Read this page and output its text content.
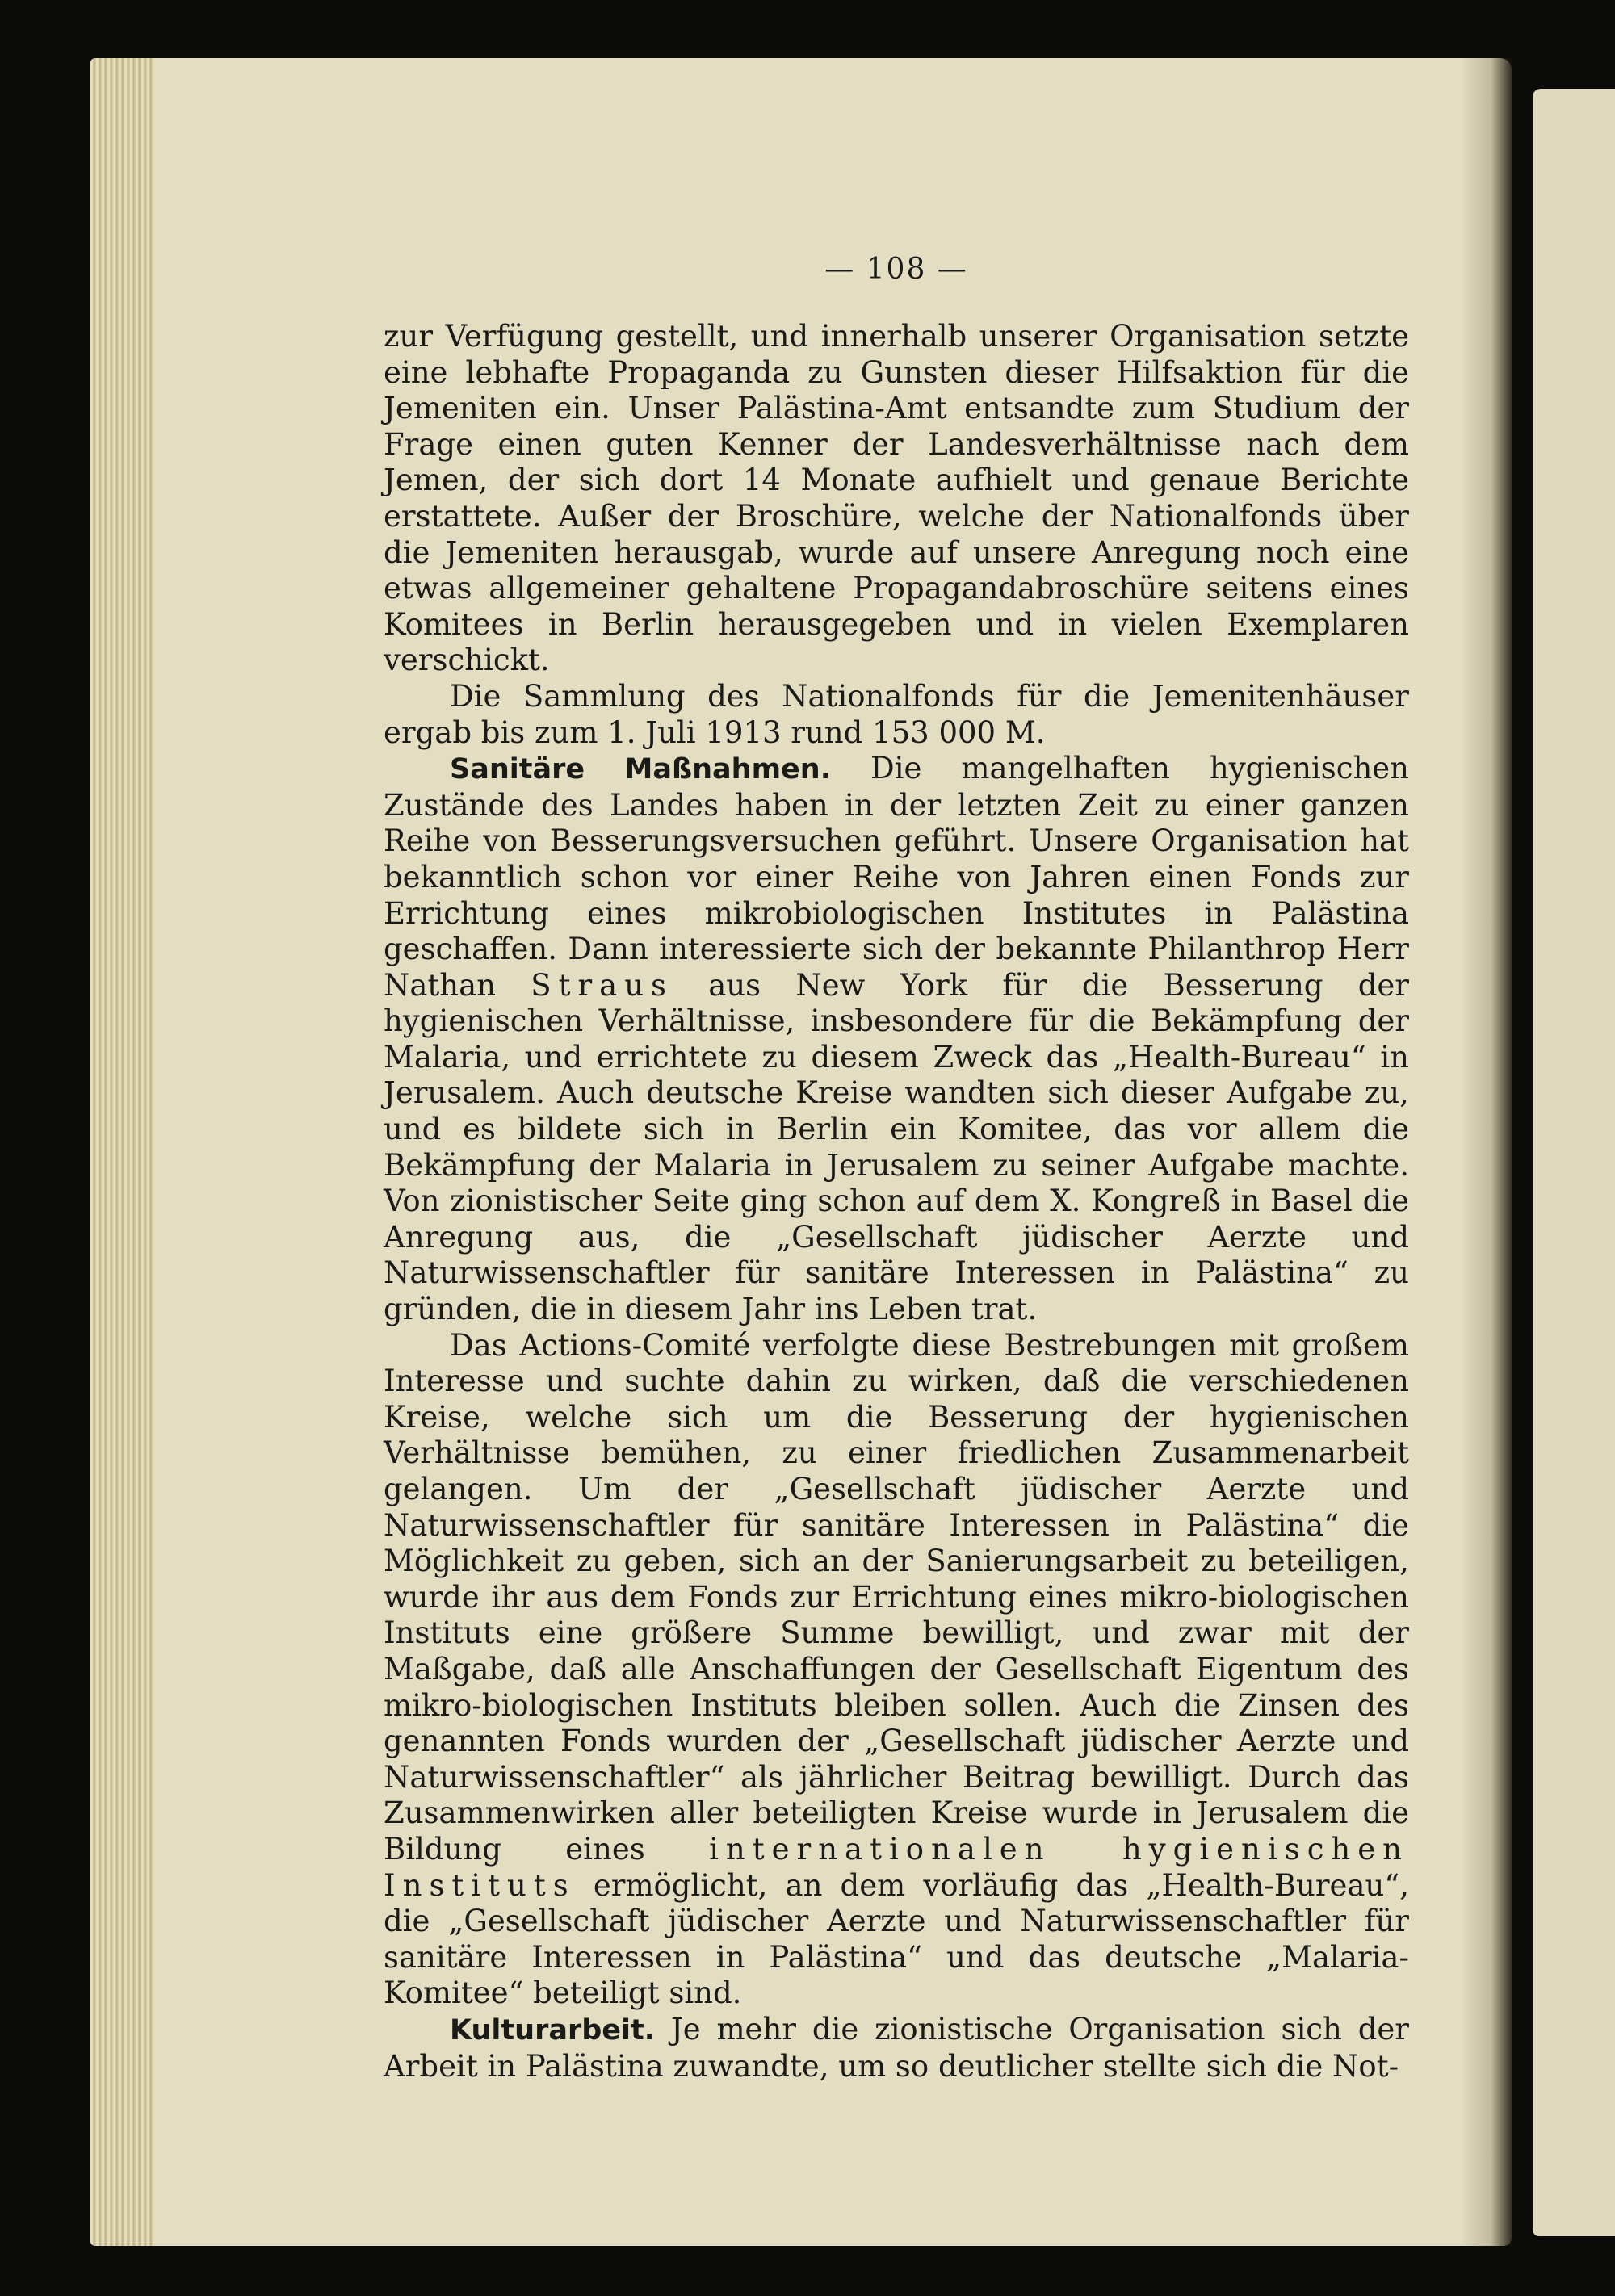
— 108 —

zur Verfügung gestellt, und innerhalb unserer Organisation setzte eine lebhafte Propaganda zu Gunsten dieser Hilfsaktion für die Jemeniten ein. Unser Palästina-Amt entsandte zum Studium der Frage einen guten Kenner der Landesverhältnisse nach dem Jemen, der sich dort 14 Monate aufhielt und genaue Berichte erstattete. Außer der Broschüre, welche der Nationalfonds über die Jemeniten herausgab, wurde auf unsere Anregung noch eine etwas allgemeiner gehaltene Propagandabroschüre seitens eines Komitees in Berlin herausgegeben und in vielen Exemplaren verschickt.

Die Sammlung des Nationalfonds für die Jemenitenhäuser ergab bis zum 1. Juli 1913 rund 153 000 M.

Sanitäre Maßnahmen. Die mangelhaften hygienischen Zustände des Landes haben in der letzten Zeit zu einer ganzen Reihe von Besserungsversuchen geführt. Unsere Organisation hat bekanntlich schon vor einer Reihe von Jahren einen Fonds zur Errichtung eines mikrobiologischen Institutes in Palästina geschaffen. Dann interessierte sich der bekannte Philanthrop Herr Nathan Straus aus New York für die Besserung der hygienischen Verhältnisse, insbesondere für die Bekämpfung der Malaria, und errichtete zu diesem Zweck das „Health-Bureau“ in Jerusalem. Auch deutsche Kreise wandten sich dieser Aufgabe zu, und es bildete sich in Berlin ein Komitee, das vor allem die Bekämpfung der Malaria in Jerusalem zu seiner Aufgabe machte. Von zionistischer Seite ging schon auf dem X. Kongreß in Basel die Anregung aus, die „Gesellschaft jüdischer Aerzte und Naturwissenschaftler für sanitäre Interessen in Palästina“ zu gründen, die in diesem Jahr ins Leben trat.

Das Actions-Comité verfolgte diese Bestrebungen mit großem Interesse und suchte dahin zu wirken, daß die verschiedenen Kreise, welche sich um die Besserung der hygienischen Verhältnisse bemühen, zu einer friedlichen Zusammenarbeit gelangen. Um der „Gesellschaft jüdischer Aerzte und Naturwissenschaftler für sanitäre Interessen in Palästina“ die Möglichkeit zu geben, sich an der Sanierungsarbeit zu beteiligen, wurde ihr aus dem Fonds zur Errichtung eines mikro-biologischen Instituts eine größere Summe bewilligt, und zwar mit der Maßgabe, daß alle Anschaffungen der Gesellschaft Eigentum des mikro-biologischen Instituts bleiben sollen. Auch die Zinsen des genannten Fonds wurden der „Gesellschaft jüdischer Aerzte und Naturwissenschaftler“ als jährlicher Beitrag bewilligt. Durch das Zusammenwirken aller beteiligten Kreise wurde in Jerusalem die Bildung eines internationalen hygienischen Instituts ermöglicht, an dem vorläufig das „Health-Bureau“, die „Gesellschaft jüdischer Aerzte und Naturwissenschaftler für sanitäre Interessen in Palästina“ und das deutsche „Malaria-Komitee“ beteiligt sind.

Kulturarbeit. Je mehr die zionistische Organisation sich der Arbeit in Palästina zuwandte, um so deutlicher stellte sich die Not-
